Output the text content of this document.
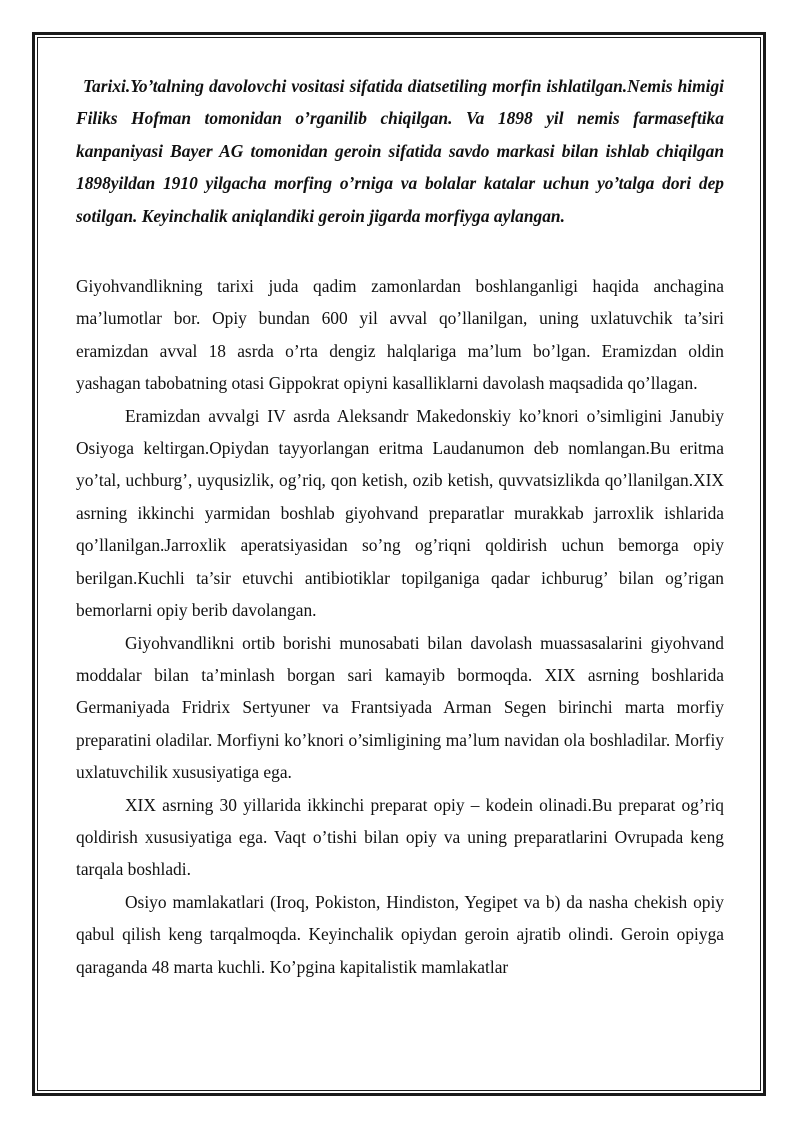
Tarixi.Yo’talning davolovchi vositasi sifatida diatsetiling morfin ishlatilgan.Nemis himigi Filiks Hofman tomonidan o’rganilib chiqilgan. Va 1898 yil nemis farmaseftika kanpaniyasi Bayer AG tomonidan geroin sifatida savdo markasi bilan ishlab chiqilgan 1898yildan 1910 yilgacha morfing o’rniga va bolalar katalar uchun yo’talga dori dep sotilgan. Keyinchalik aniqlandiki geroin jigarda morfiyga aylangan.

Giyohvandlikning tarixi juda qadim zamonlardan boshlanganligi haqida anchagina ma’lumotlar bor. Opiy bundan 600 yil avval qo’llanilgan, uning uxlatuvchik ta’siri eramizdan avval 18 asrda o’rta dengiz halqlariga ma’lum bo’lgan. Eramizdan oldin yashagan tabobatning otasi Gippokrat opiyni kasalliklarni davolash maqsadida qo’llagan.

Eramizdan avvalgi IV asrda Aleksandr Makedonskiy ko’knori o’simligini Janubiy Osiyoga keltirgan.Opiydan tayyorlangan eritma Laudanumon deb nomlangan.Bu eritma yo’tal, uchburg’, uyqusizlik, og’riq, qon ketish, ozib ketish, quvvatsizlikda qo’llanilgan.XIX asrning ikkinchi yarmidan boshlab giyohvand preparatlar murakkab jarroxlik ishlarida qo’llanilgan.Jarroxlik aperatsiyasidan so’ng og’riqni qoldirish uchun bemorga opiy berilgan.Kuchli ta’sir etuvchi antibiotiklar topilganiga qadar ichburug’ bilan og’rigan bemorlarni opiy berib davolangan.

Giyohvandlikni ortib borishi munosabati bilan davolash muassasalarini giyohvand moddalar bilan ta’minlash borgan sari kamayib bormoqda. XIX asrning boshlarida Germaniyada Fridrix Sertyuner va Frantsiyada Arman Segen birinchi marta morfiy preparatini oladilar. Morfiyni ko’knori o’simligining ma’lum navidan ola boshladilar. Morfiy uxlatuvchilik xususiyatiga ega.

XIX asrning 30 yillarida ikkinchi preparat opiy – kodein olinadi.Bu preparat og’riq qoldirish xususiyatiga ega. Vaqt o’tishi bilan opiy va uning preparatlarini Ovrupada keng tarqala boshladi.

Osiyo mamlakatlari (Iroq, Pokiston, Hindiston, Yegipet va b) da nasha chekish opiy qabul qilish keng tarqalmoqda. Keyinchalik opiydan geroin ajratib olindi. Geroin opiyga qaraganda 48 marta kuchli. Ko’pgina kapitalistik mamlakatlar
